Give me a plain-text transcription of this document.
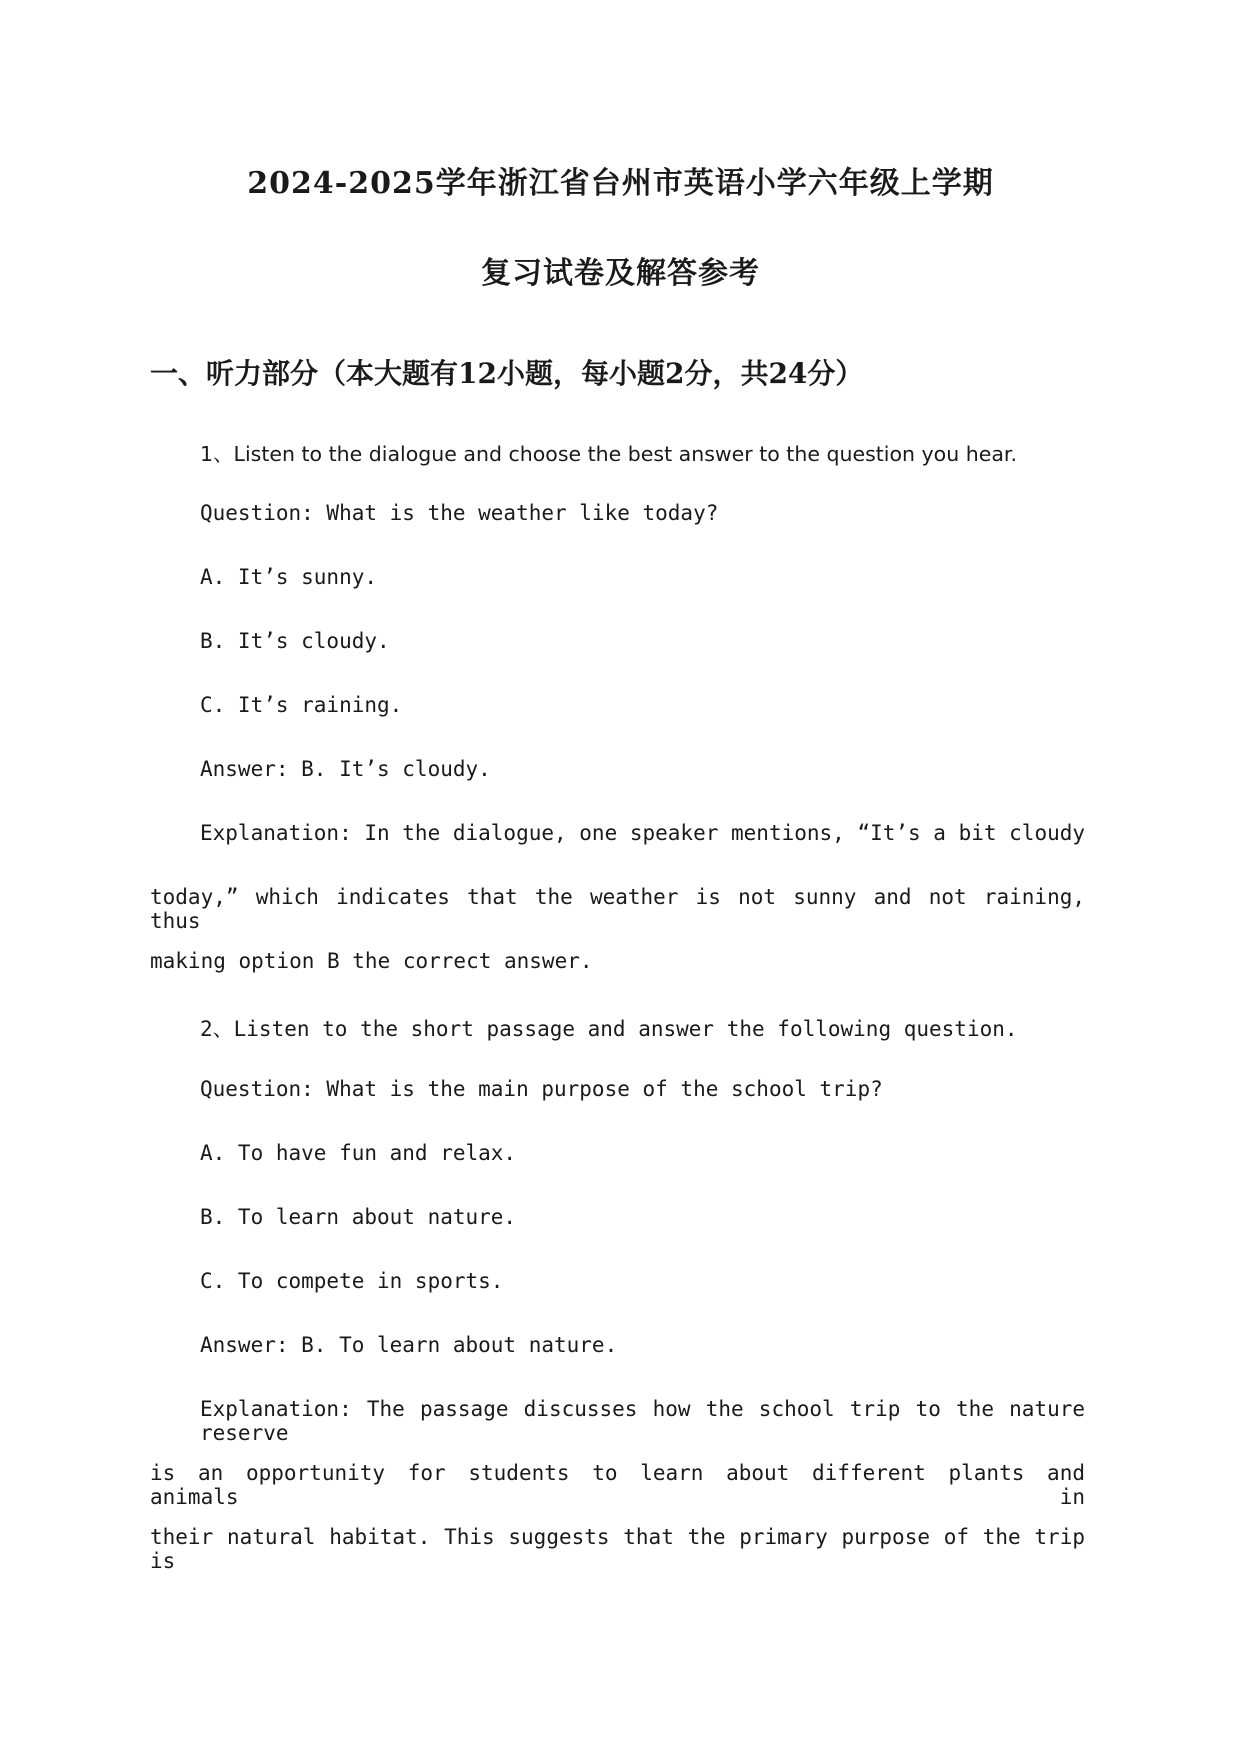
2024-2025学年浙江省台州市英语小学六年级上学期
复习试卷及解答参考
一、听力部分（本大题有12小题，每小题2分，共24分）

1、Listen to the dialogue and choose the best answer to the question you hear.

Question: What is the weather like today?

A. It’s sunny.

B. It’s cloudy.

C. It’s raining.

Answer: B. It’s cloudy.

Explanation: In the dialogue, one speaker mentions, “It’s a bit cloudy

today,” which indicates that the weather is not sunny and not raining, thus

making option B the correct answer.

2、Listen to the short passage and answer the following question.

Question: What is the main purpose of the school trip?

A. To have fun and relax.

B. To learn about nature.

C. To compete in sports.

Answer: B. To learn about nature.

Explanation: The passage discusses how the school trip to the nature reserve

is an opportunity for students to learn about different plants and animals in

their natural habitat. This suggests that the primary purpose of the trip is
